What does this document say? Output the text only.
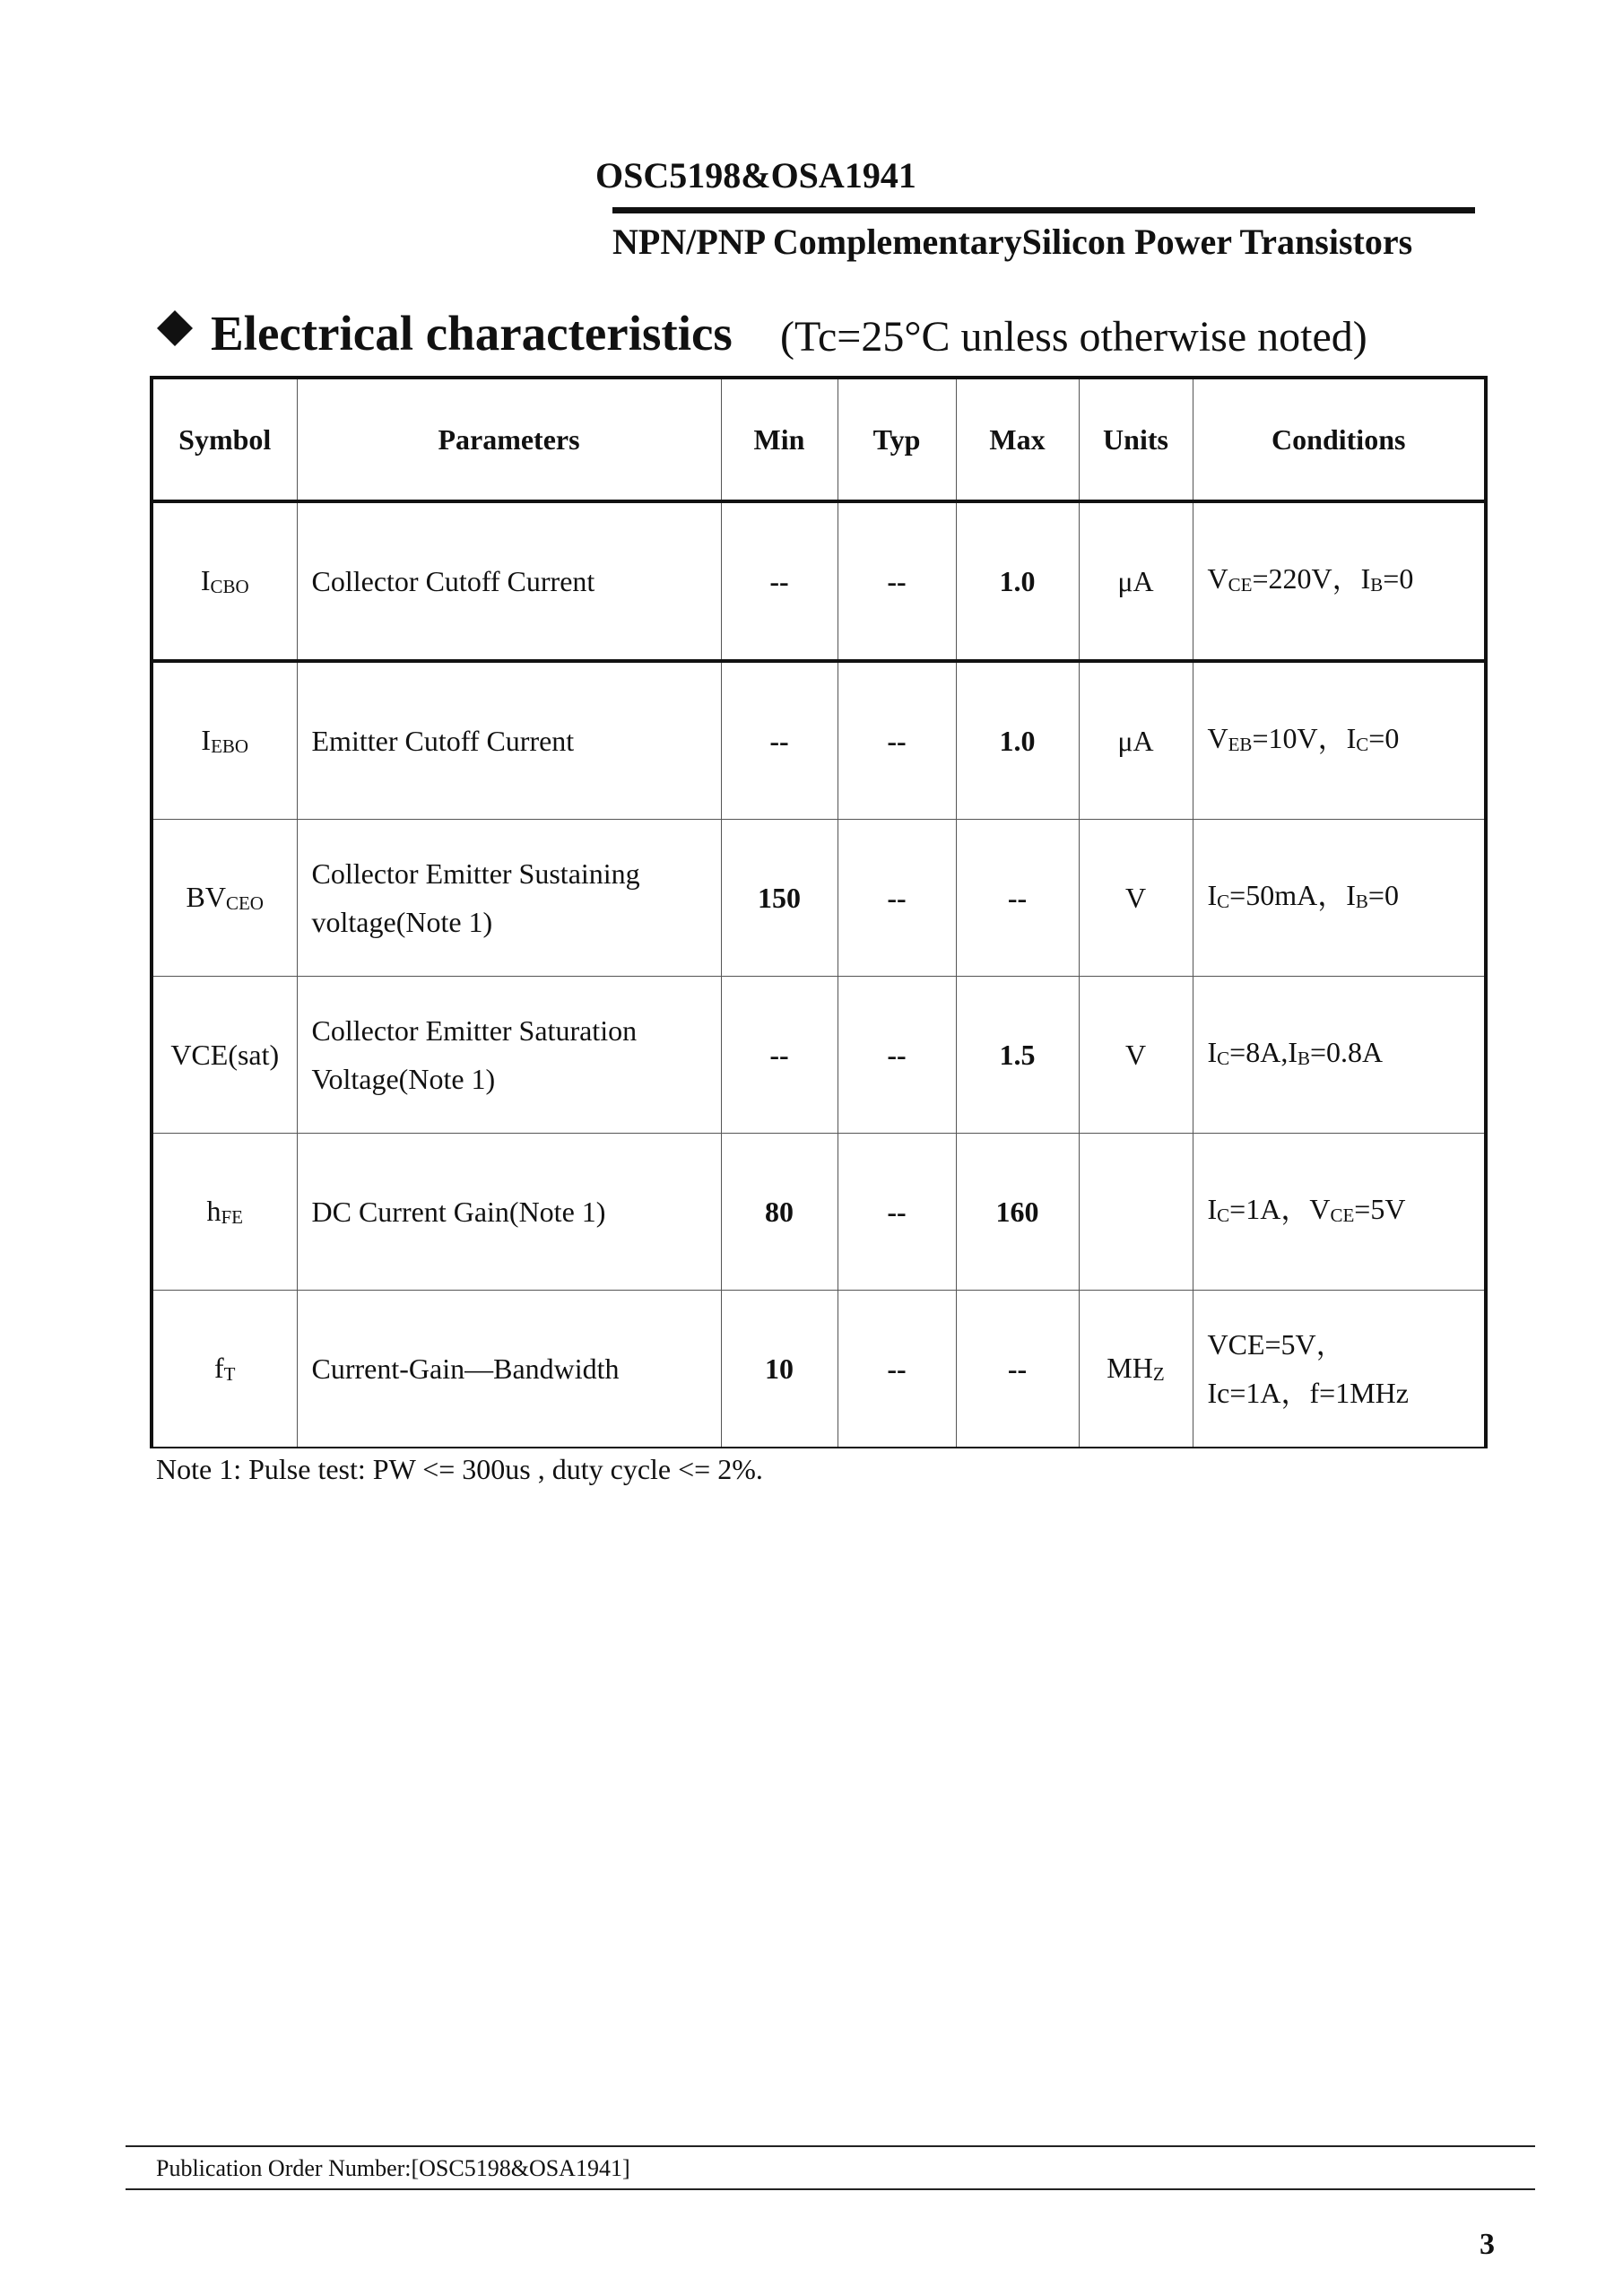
OSC5198&OSA1941
NPN/PNP ComplementarySilicon Power Transistors
Electrical characteristics (Tc=25°C unless otherwise noted)
Symbol	Parameters	Min	Typ	Max	Units	Conditions
$I_{CBO}$	Collector Cutoff Current	--	--	1.0	μA	$V_{CE}=220V$，$I_B=0$

$I_{EBO}$	Emitter Cutoff Current	--	--	1.0	μA	$V_{EB}=10V$，$I_C=0$

$BV_{CEO}$	Collector Emitter Sustaining
voltage(Note 1)	150	--	--	V	$I_C=50mA$，$I_B=0$

VCE(sat)	Collector Emitter Saturation
Voltage(Note 1)	--	--	1.5	V	$I_C=8A,I_B=0.8A$

$h_{FE}$	DC Current Gain(Note 1)	80	--	160		$I_C=1A$，$V_{CE}=5V$

$f_T$	Current-Gain—Bandwidth	10	--	--	$MH_Z$	VCE=5V，
Ic=1A，f=1MHz
Note 1: Pulse test: PW <= 300us , duty cycle <= 2%.
Publication Order Number:[OSC5198&OSA1941]
3
